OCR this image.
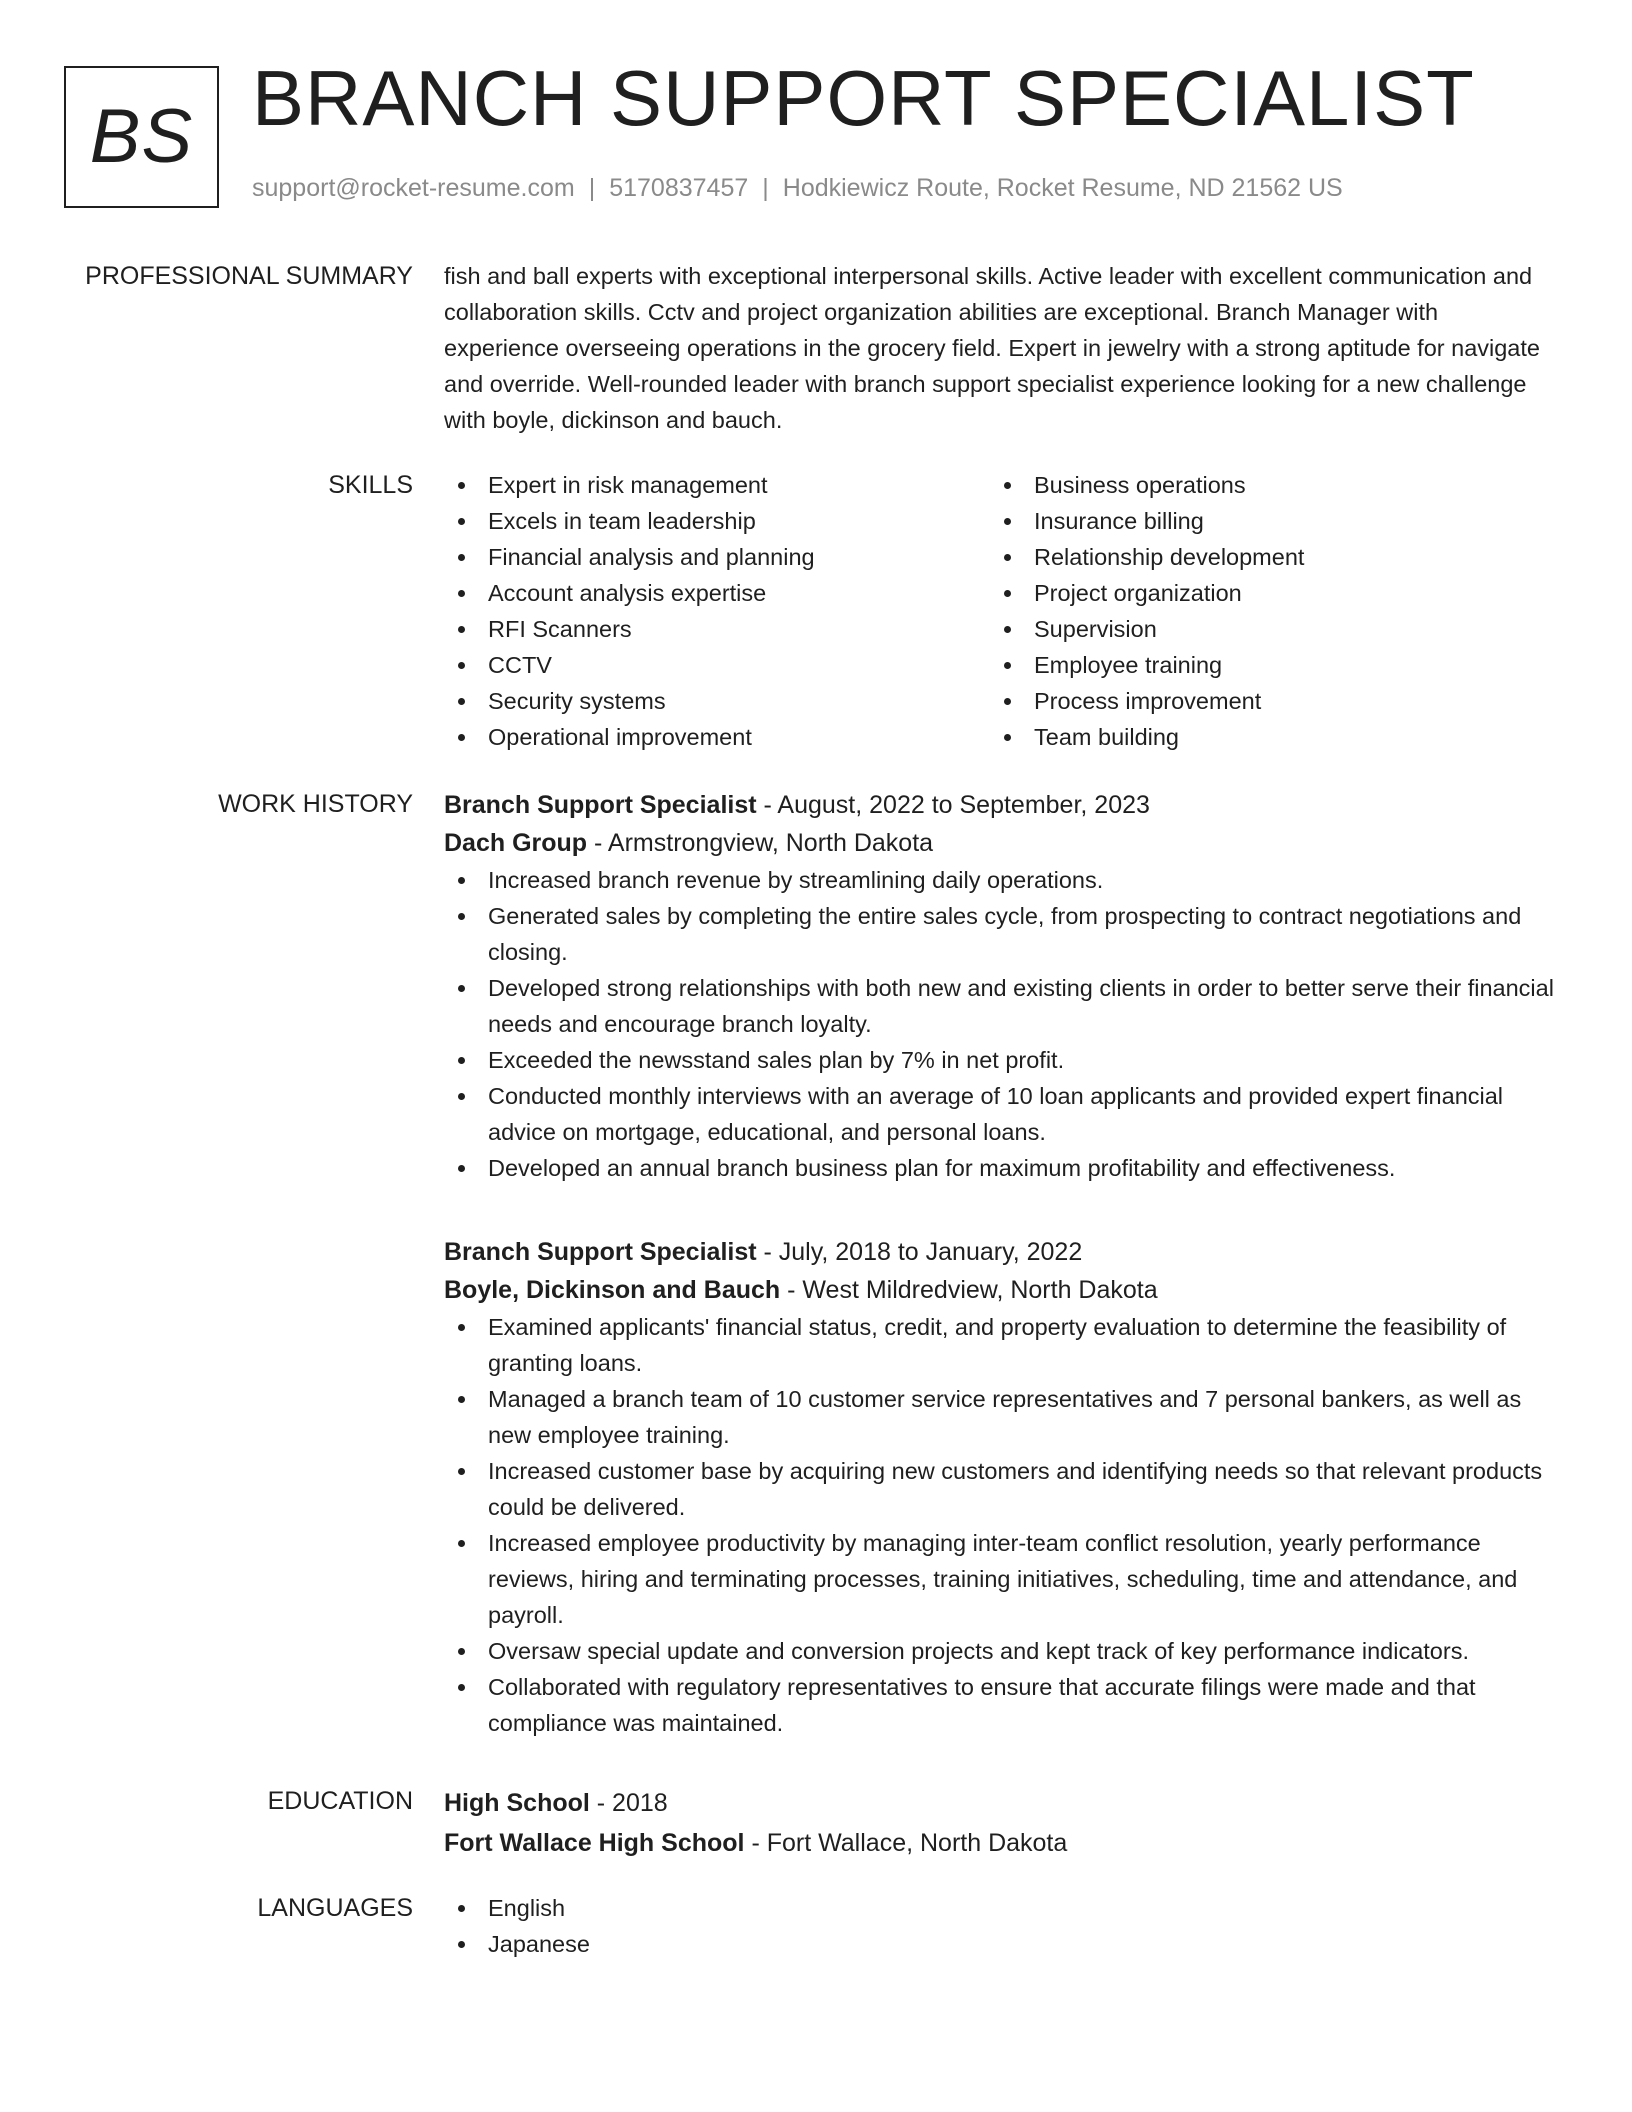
BS BRANCH SUPPORT SPECIALIST
support@rocket-resume.com | 5170837457 | Hodkiewicz Route, Rocket Resume, ND 21562 US
PROFESSIONAL SUMMARY fish and ball experts with exceptional interpersonal skills. Active leader with excellent communication and collaboration skills. Cctv and project organization abilities are exceptional. Branch Manager with experience overseeing operations in the grocery field. Expert in jewelry with a strong aptitude for navigate and override. Well-rounded leader with branch support specialist experience looking for a new challenge with boyle, dickinson and bauch.

SKILLS	Expert in risk management
Excels in team leadership
Financial analysis and planning
Account analysis expertise
RFI Scanners
CCTV
Security systems
Operational improvement
Business operations
Insurance billing
Relationship development
Project organization
Supervision
Employee training
Process improvement
Team building
WORK HISTORY Branch Support Specialist - August, 2022 to September, 2023
Dach Group - Armstrongview, North Dakota
Increased branch revenue by streamlining daily operations.
Generated sales by completing the entire sales cycle, from prospecting to contract negotiations and closing.
Developed strong relationships with both new and existing clients in order to better serve their financial needs and encourage branch loyalty.
Exceeded the newsstand sales plan by 7% in net profit.
Conducted monthly interviews with an average of 10 loan applicants and provided expert financial advice on mortgage, educational, and personal loans.
Developed an annual branch business plan for maximum profitability and effectiveness.
Branch Support Specialist - July, 2018 to January, 2022
Boyle, Dickinson and Bauch - West Mildredview, North Dakota
Examined applicants' financial status, credit, and property evaluation to determine the feasibility of granting loans.
Managed a branch team of 10 customer service representatives and 7 personal bankers, as well as new employee training.
Increased customer base by acquiring new customers and identifying needs so that relevant products could be delivered.
Increased employee productivity by managing inter-team conflict resolution, yearly performance reviews, hiring and terminating processes, training initiatives, scheduling, time and attendance, and payroll.
Oversaw special update and conversion projects and kept track of key performance indicators.
Collaborated with regulatory representatives to ensure that accurate filings were made and that compliance was maintained.
EDUCATION High School - 2018
Fort Wallace High School - Fort Wallace, North Dakota
LANGUAGES	English
Japanese
